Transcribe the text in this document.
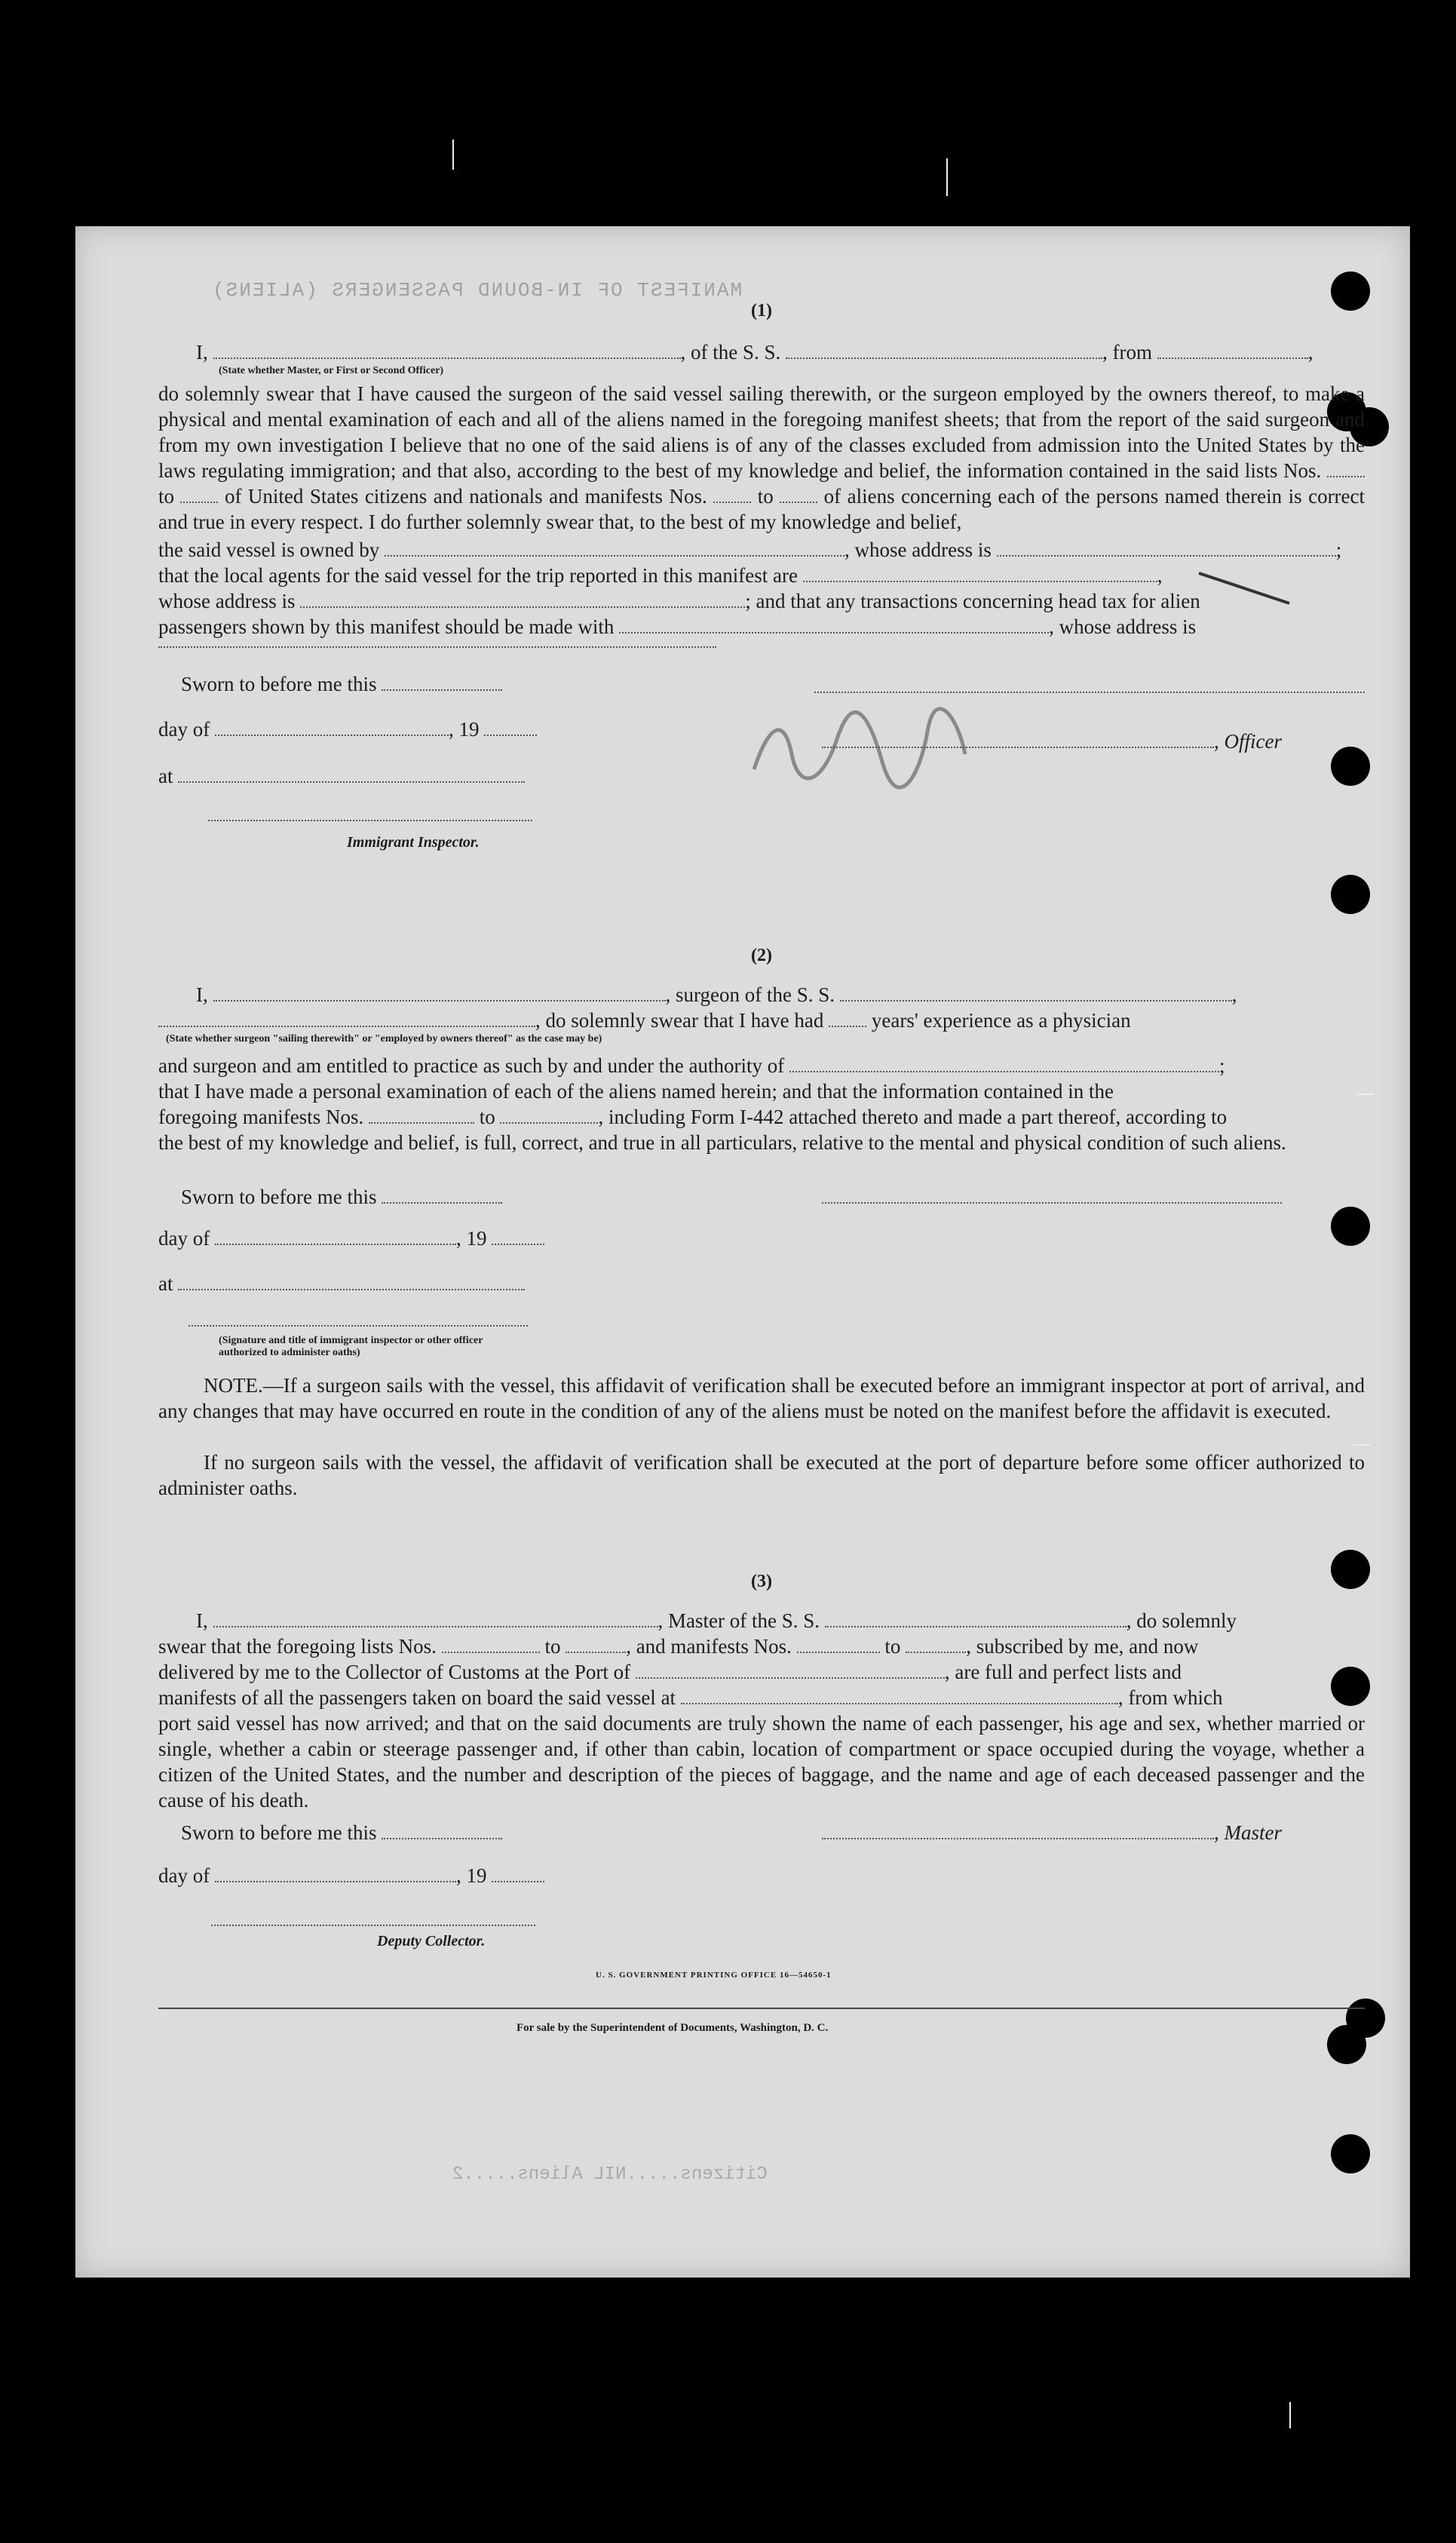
MANIFEST OF IN-BOUND PASSENGERS (ALIENS)
Citizens.....NIL Aliens.....2
(1)
I,	, of the S. S.	, from	,
(State whether Master, or First or Second Officer)
do solemnly swear that I have caused the surgeon of the said vessel sailing therewith, or the surgeon employed by the owners thereof, to make a physical and mental examination of each and all of the aliens named in the foregoing manifest sheets; that from the report of the said surgeon and from my own investigation I believe that no one of the said aliens is of any of the classes excluded from admission into the United States by the laws regulating immigration; and that also, according to the best of my knowledge and belief, the information contained in the said lists Nos.  to of United States citizens and nationals and manifests Nos. to of aliens concerning each of the persons named therein is correct and true in every respect. I do further solemnly swear that, to the best of my knowledge and belief,
the said vessel is owned by	, whose address is	;
that the local agents for the said vessel for the trip reported in this manifest are	,
whose address is	; and that any transactions concerning head tax for alien
passengers shown by this manifest should be made with	, whose address is
Sworn to before me this
day of	, 19
, Officer
at
Immigrant Inspector.
(2)
I,	, surgeon of the S. S.	,
, do solemnly swear that I have had years' experience as a physician
(State whether surgeon "sailing therewith" or "employed by owners thereof" as the case may be)
and surgeon and am entitled to practice as such by and under the authority of	;
that I have made a personal examination of each of the aliens named herein; and that the information contained in the
foregoing manifests Nos.	to	, including Form I-442 attached thereto and made a part thereof, according to
the best of my knowledge and belief, is full, correct, and true in all particulars, relative to the mental and physical condition of such aliens.
Sworn to before me this
day of	, 19
at
(Signature and title of immigrant inspector or other officer authorized to administer oaths)
NOTE.—If a surgeon sails with the vessel, this affidavit of verification shall be executed before an immigrant inspector at port of arrival, and any changes that may have occurred en route in the condition of any of the aliens must be noted on the manifest before the affidavit is executed.
If no surgeon sails with the vessel, the affidavit of verification shall be executed at the port of departure before some officer authorized to administer oaths.
(3)
I,	, Master of the S. S.	, do solemnly
swear that the foregoing lists Nos.	to	, and manifests Nos.	to	, subscribed by me, and now
delivered by me to the Collector of Customs at the Port of	, are full and perfect lists and
manifests of all the passengers taken on board the said vessel at	, from which
port said vessel has now arrived; and that on the said documents are truly shown the name of each passenger, his age and sex, whether married or single, whether a cabin or steerage passenger and, if other than cabin, location of compartment or space occupied during the voyage, whether a citizen of the United States, and the number and description of the pieces of baggage, and the name and age of each deceased passenger and the cause of his death.
Sworn to before me this	, Master
day of	, 19
Deputy Collector.
U. S. GOVERNMENT PRINTING OFFICE 16—54650-1
For sale by the Superintendent of Documents, Washington, D. C.
